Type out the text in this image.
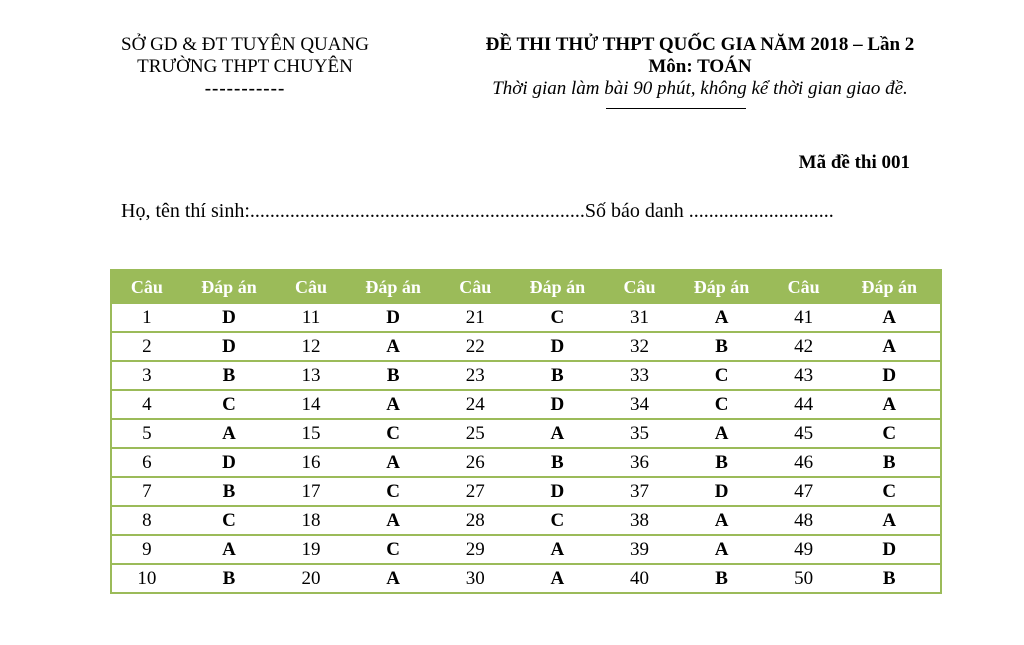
SỞ GD & ĐT TUYÊN QUANG
TRƯỜNG THPT CHUYÊN
-----------
ĐỀ THI THỬ THPT QUỐC GIA NĂM 2018 – Lần 2
Môn: TOÁN
Thời gian làm bài 90 phút, không kể thời gian giao đề.
Mã đề thi 001
Họ, tên thí sinh:...................................................................Số báo danh .............................
Câu	Đáp án	Câu	Đáp án	Câu	Đáp án	Câu	Đáp án	Câu	Đáp án
1	D	11	D	21	C	31	A	41	A
2	D	12	A	22	D	32	B	42	A
3	B	13	B	23	B	33	C	43	D
4	C	14	A	24	D	34	C	44	A
5	A	15	C	25	A	35	A	45	C
6	D	16	A	26	B	36	B	46	B
7	B	17	C	27	D	37	D	47	C
8	C	18	A	28	C	38	A	48	A
9	A	19	C	29	A	39	A	49	D
10	B	20	A	30	A	40	B	50	B
